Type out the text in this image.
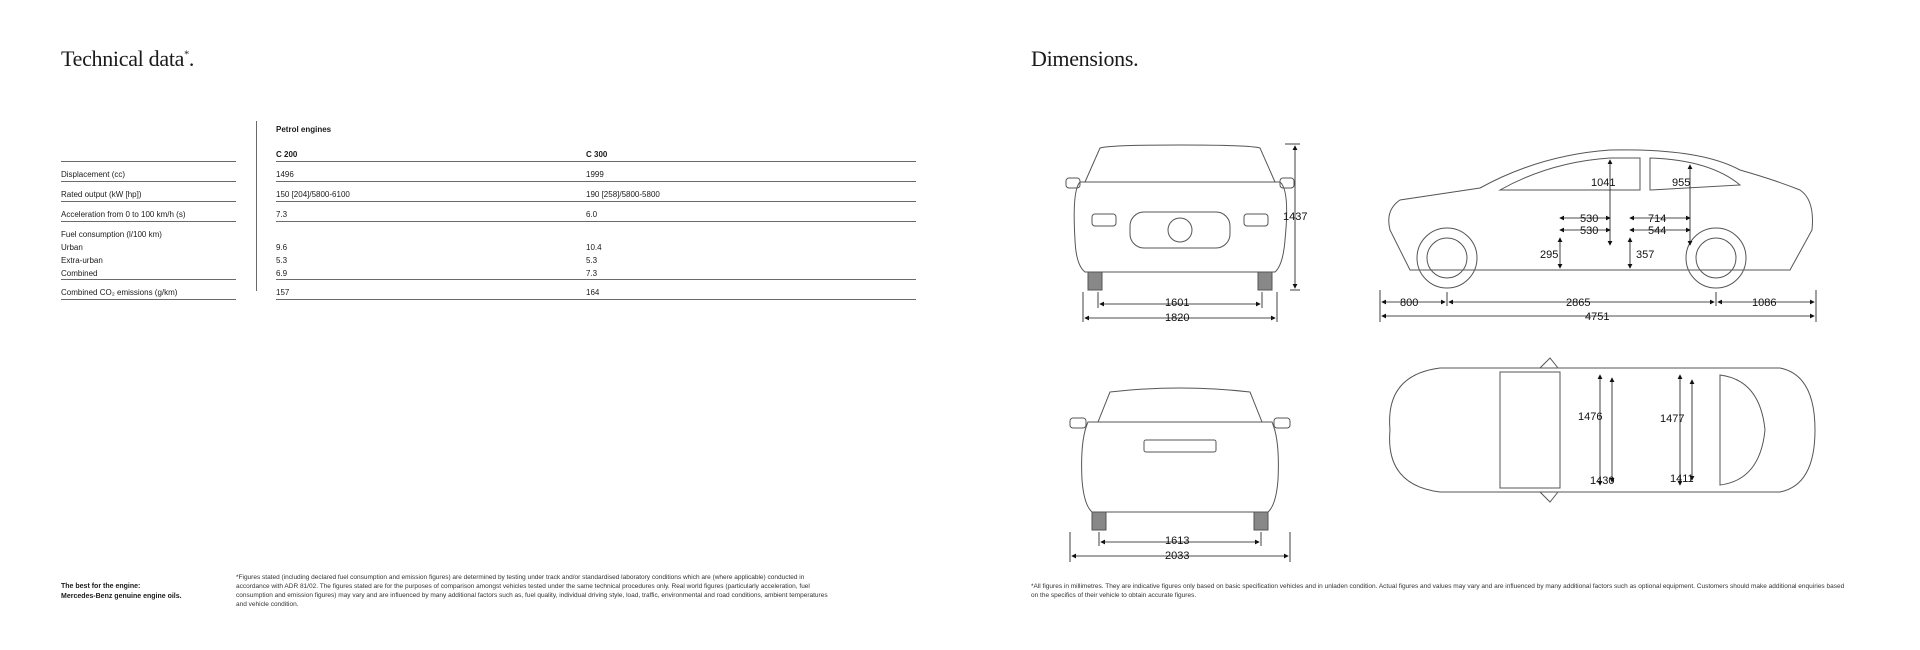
Technical data*.
Petrol engines
		C 200	C 300
Displacement (cc)		1496	1999
Rated output (kW [hp])		150 [204]/5800-6100	190 [258]/5800-5800
Acceleration from 0 to 100 km/h (s)		7.3	6.0
Fuel consumption (l/100 km)			
Urban		9.6	10.4
Extra-urban		5.3	5.3
Combined		6.9	7.3
Combined CO₂ emissions (g/km)		157	164
The best for the engine:
Mercedes-Benz genuine engine oils.
*Figures stated (including declared fuel consumption and emission figures) are determined by testing under track and/or standardised laboratory conditions which are (where applicable) conducted in accordance with ADR 81/02. The figures stated are for the purposes of comparison amongst vehicles tested under the same technical procedures only. Real world figures (particularly acceleration, fuel consumption and emission figures) may vary and are influenced by many additional factors such as, fuel quality, individual driving style, load, traffic, environmental and road conditions, ambient temperatures and vehicle condition.
Dimensions.
1437
1601
1820
1041	955
530
530
714
544
295	357
800	2865	1086
4751
1613
2033
1476	1477
1430	1411
*All figures in millimetres. They are indicative figures only based on basic specification vehicles and in unladen condition. Actual figures and values may vary and are influenced by many additional factors such as optional equipment. Customers should make additional enquiries based on the specifics of their vehicle to obtain accurate figures.
